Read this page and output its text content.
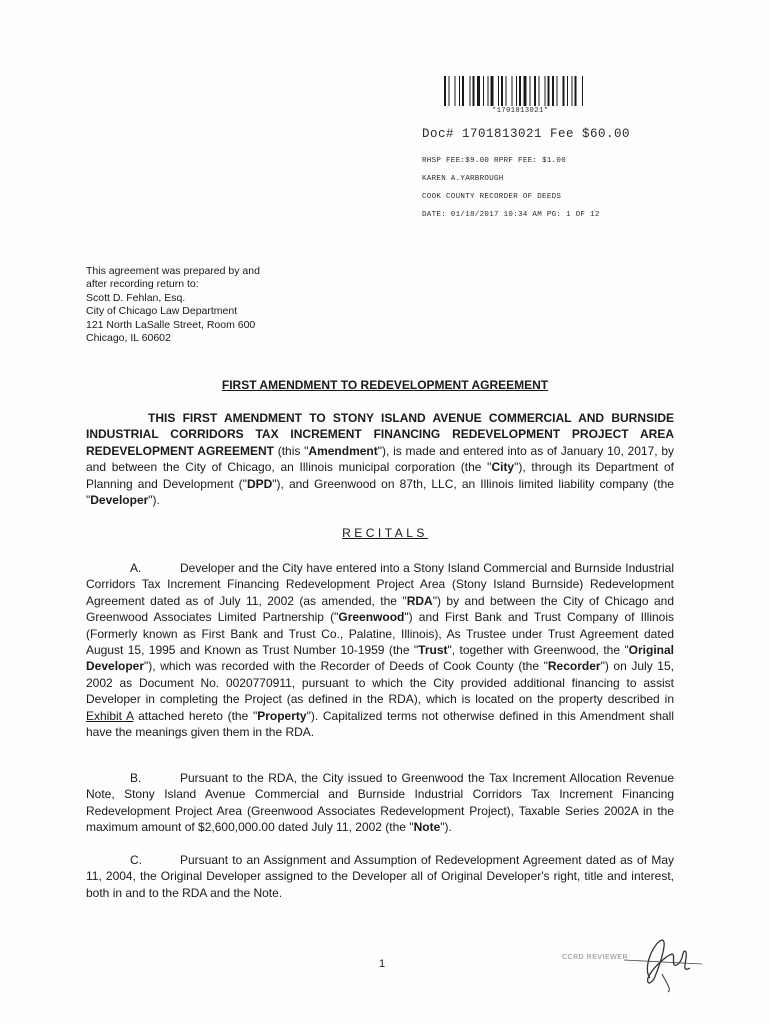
*1701813021*
Doc# 1701813021 Fee $60.00
RHSP FEE:$9.00 RPRF FEE: $1.00
KAREN A.YARBROUGH
COOK COUNTY RECORDER OF DEEDS
DATE: 01/18/2017 10:34 AM PG: 1 OF 12
This agreement was prepared by and
after recording return to:
Scott D. Fehlan, Esq.
City of Chicago Law Department
121 North LaSalle Street, Room 600
Chicago, IL 60602
FIRST AMENDMENT TO REDEVELOPMENT AGREEMENT
THIS FIRST AMENDMENT TO STONY ISLAND AVENUE COMMERCIAL AND BURNSIDE INDUSTRIAL CORRIDORS TAX INCREMENT FINANCING REDEVELOPMENT PROJECT AREA REDEVELOPMENT AGREEMENT (this "Amendment"), is made and entered into as of January 10, 2017, by and between the City of Chicago, an Illinois municipal corporation (the "City"), through its Department of Planning and Development ("DPD"), and Greenwood on 87th, LLC, an Illinois limited liability company (the "Developer").
RECITALS
A.	Developer and the City have entered into a Stony Island Commercial and Burnside Industrial Corridors Tax Increment Financing Redevelopment Project Area (Stony Island Burnside) Redevelopment Agreement dated as of July 11, 2002 (as amended, the "RDA") by and between the City of Chicago and Greenwood Associates Limited Partnership ("Greenwood") and First Bank and Trust Company of Illinois (Formerly known as First Bank and Trust Co., Palatine, Illinois), As Trustee under Trust Agreement dated August 15, 1995 and Known as Trust Number 10-1959 (the "Trust", together with Greenwood, the "Original Developer"), which was recorded with the Recorder of Deeds of Cook County (the "Recorder") on July 15, 2002 as Document No. 0020770911, pursuant to which the City provided additional financing to assist Developer in completing the Project (as defined in the RDA), which is located on the property described in Exhibit A attached hereto (the "Property"). Capitalized terms not otherwise defined in this Amendment shall have the meanings given them in the RDA.
B.	Pursuant to the RDA, the City issued to Greenwood the Tax Increment Allocation Revenue Note, Stony Island Avenue Commercial and Burnside Industrial Corridors Tax Increment Financing Redevelopment Project Area (Greenwood Associates Redevelopment Project), Taxable Series 2002A in the maximum amount of $2,600,000.00 dated July 11, 2002 (the "Note").
C.	Pursuant to an Assignment and Assumption of Redevelopment Agreement dated as of May 11, 2004, the Original Developer assigned to the Developer all of Original Developer's right, title and interest, both in and to the RDA and the Note.
1
CCRD REVIEWER
